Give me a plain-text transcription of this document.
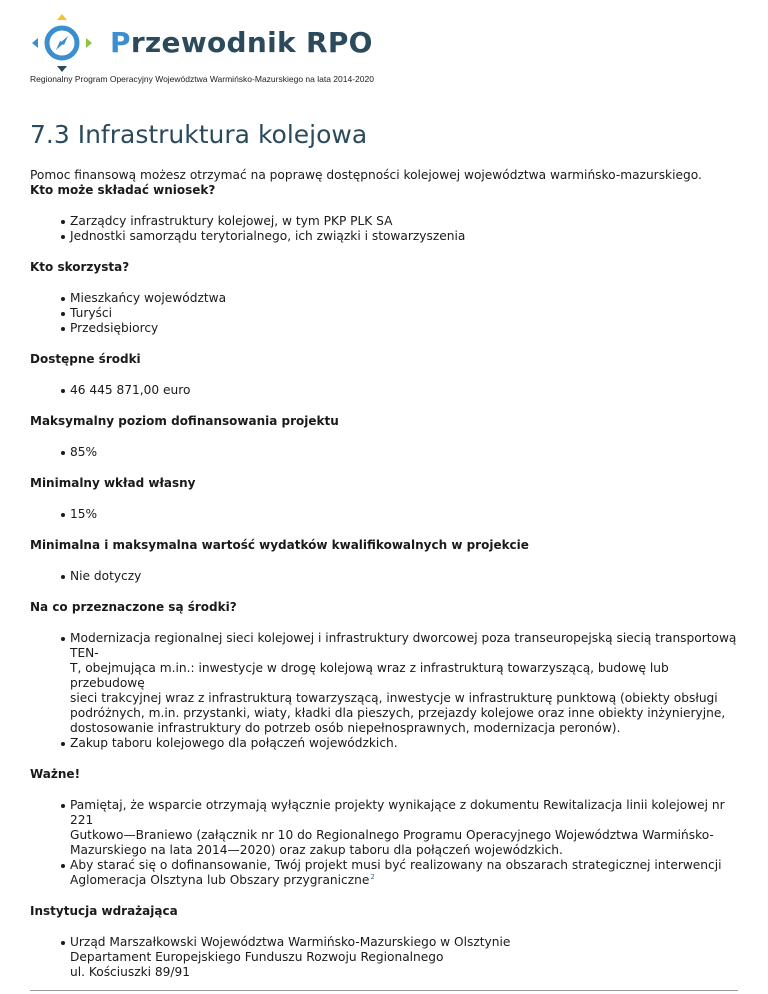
Przewodnik RPO
Regionalny Program Operacyjny Województwa Warmińsko-Mazurskiego na lata 2014-2020
7.3 Infrastruktura kolejowa

Pomoc finansową możesz otrzymać na poprawę dostępności kolejowej województwa warmińsko-mazurskiego.

Kto może składać wniosek?

Zarządcy infrastruktury kolejowej, w tym PKP PLK SA
Jednostki samorządu terytorialnego, ich związki i stowarzyszenia

Kto skorzysta?

Mieszkańcy województwa
Turyści
Przedsiębiorcy

Dostępne środki

46 445 871,00 euro

Maksymalny poziom dofinansowania projektu

85%

Minimalny wkład własny

15%

Minimalna i maksymalna wartość wydatków kwalifikowalnych w projekcie

Nie dotyczy

Na co przeznaczone są środki?

Modernizacja regionalnej sieci kolejowej i infrastruktury dworcowej poza transeuropejską siecią transportową TEN-
T, obejmująca m.in.: inwestycje w drogę kolejową wraz z infrastrukturą towarzyszącą, budowę lub przebudowę
sieci trakcyjnej wraz z infrastrukturą towarzyszącą, inwestycje w infrastrukturę punktową (obiekty obsługi
podróżnych, m.in. przystanki, wiaty, kładki dla pieszych, przejazdy kolejowe oraz inne obiekty inżynieryjne,
dostosowanie infrastruktury do potrzeb osób niepełnosprawnych, modernizacja peronów).
Zakup taboru kolejowego dla połączeń wojewódzkich.

Ważne!

Pamiętaj, że wsparcie otrzymają wyłącznie projekty wynikające z dokumentu Rewitalizacja linii kolejowej nr 221
Gutkowo—Braniewo (załącznik nr 10 do Regionalnego Programu Operacyjnego Województwa Warmińsko-
Mazurskiego na lata 2014—2020) oraz zakup taboru dla połączeń wojewódzkich.
Aby starać się o dofinansowanie, Twój projekt musi być realizowany na obszarach strategicznej interwencji
Aglomeracja Olsztyna lub Obszary przygraniczne$^2$

Instytucja wdrażająca

Urząd Marszałkowski Województwa Warmińsko-Mazurskiego w Olsztynie
Departament Europejskiego Funduszu Rozwoju Regionalnego
ul. Kościuszki 89/91
